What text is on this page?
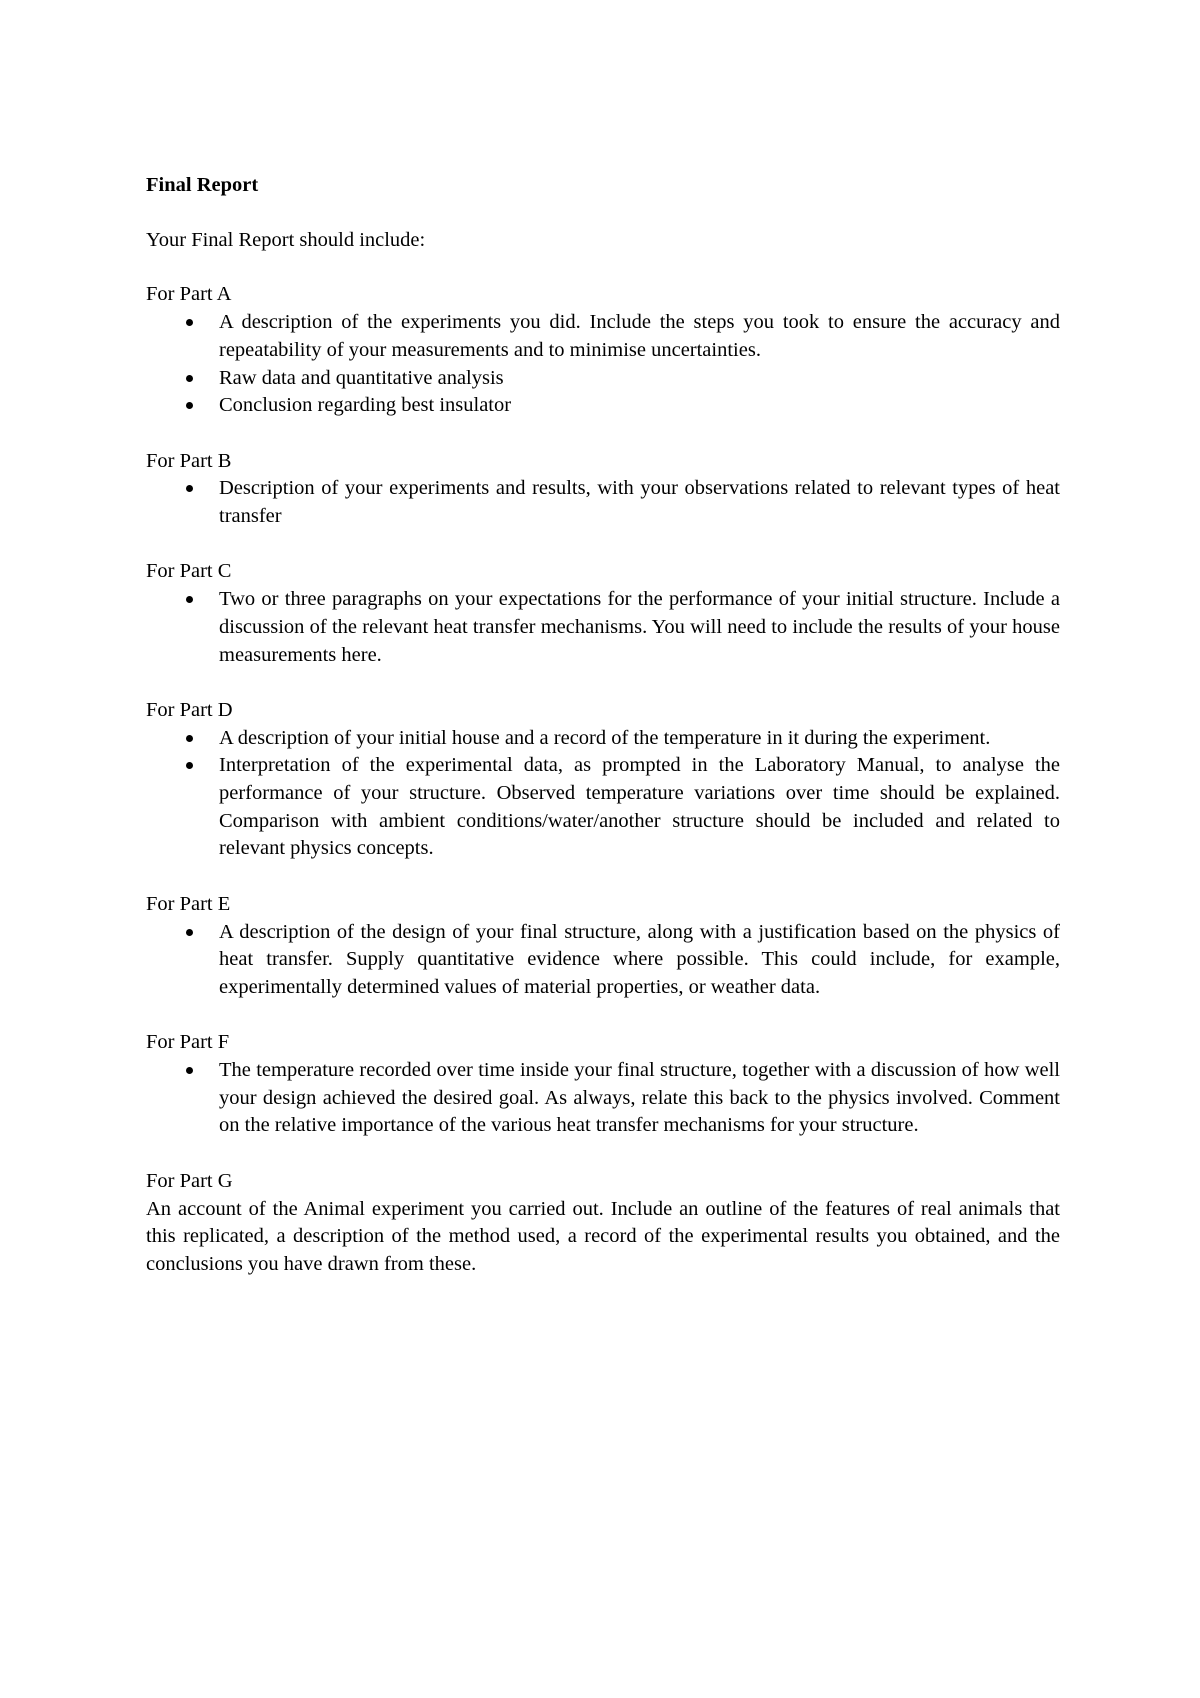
Final Report

Your Final Report should include:

For Part A

A description of the experiments you did. Include the steps you took to ensure the accuracy and repeatability of your measurements and to minimise uncertainties.
Raw data and quantitative analysis
Conclusion regarding best insulator

For Part B

Description of your experiments and results, with your observations related to relevant types of heat transfer

For Part C

Two or three paragraphs on your expectations for the performance of your initial structure. Include a discussion of the relevant heat transfer mechanisms. You will need to include the results of your house measurements here.

For Part D

A description of your initial house and a record of the temperature in it during the experiment.
Interpretation of the experimental data, as prompted in the Laboratory Manual, to analyse the performance of your structure. Observed temperature variations over time should be explained. Comparison with ambient conditions/water/another structure should be included and related to relevant physics concepts.

For Part E

A description of the design of your final structure, along with a justification based on the physics of heat transfer. Supply quantitative evidence where possible. This could include, for example, experimentally determined values of material properties, or weather data.

For Part F

The temperature recorded over time inside your final structure, together with a discussion of how well your design achieved the desired goal. As always, relate this back to the physics involved. Comment on the relative importance of the various heat transfer mechanisms for your structure.

For Part G

An account of the Animal experiment you carried out. Include an outline of the features of real animals that this replicated, a description of the method used, a record of the experimental results you obtained, and the conclusions you have drawn from these.
